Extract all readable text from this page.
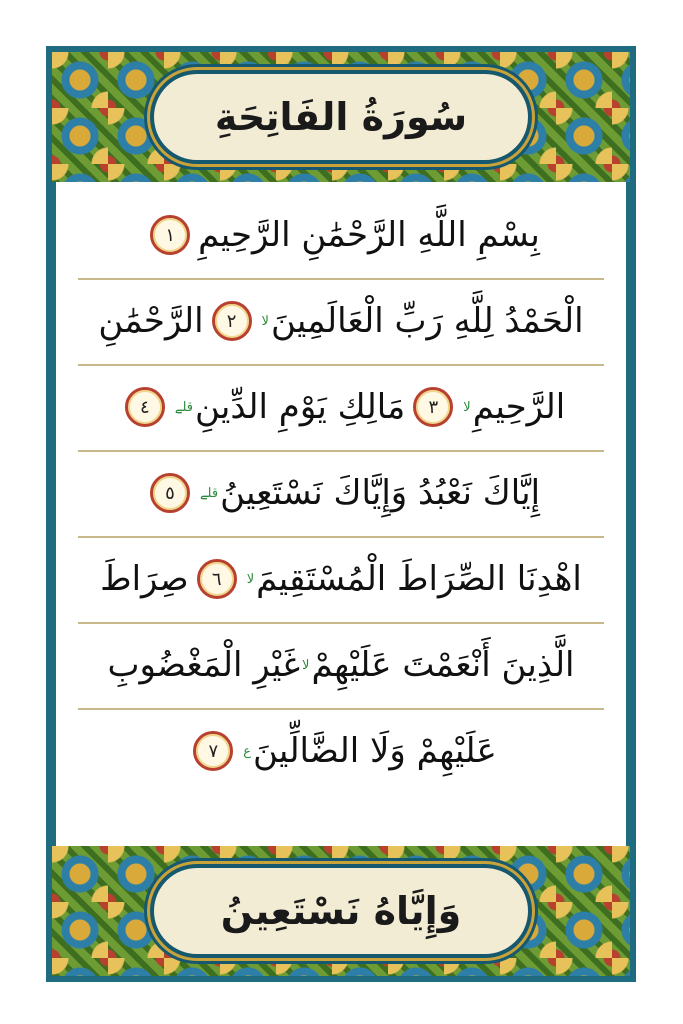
سُورَةُ الفَاتِحَةِ
بِسْمِ اللَّهِ الرَّحْمَٰنِ الرَّحِيمِ
١
الْحَمْدُ لِلَّهِ رَبِّ الْعَالَمِينَ
لا
٢
الرَّحْمَٰنِ
الرَّحِيمِ
لا
٣
مَالِكِ يَوْمِ الدِّينِ
قلے
٤
إِيَّاكَ نَعْبُدُ وَإِيَّاكَ نَسْتَعِينُ
قلے
٥
اهْدِنَا الصِّرَاطَ الْمُسْتَقِيمَ
لا
٦
صِرَاطَ
الَّذِينَ أَنْعَمْتَ عَلَيْهِمْ
لا
غَيْرِ الْمَغْضُوبِ
عَلَيْهِمْ وَلَا الضَّالِّينَ
ع
٧
وَإِيَّاهُ نَسْتَعِينُ
